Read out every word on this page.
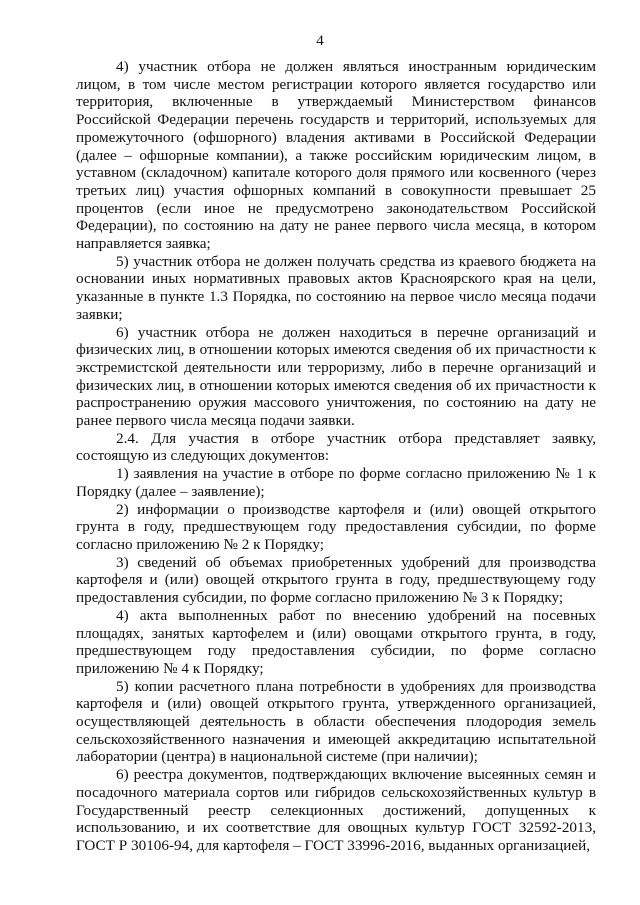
4

4) участник отбора не должен являться иностранным юридическим лицом, в том числе местом регистрации которого является государство или территория, включенные в утверждаемый Министерством финансов Российской Федерации перечень государств и территорий, используемых для промежуточного (офшорного) владения активами в Российской Федерации (далее – офшорные компании), а также российским юридическим лицом, в уставном (складочном) капитале которого доля прямого или косвенного (через третьих лиц) участия офшорных компаний в совокупности превышает 25 процентов (если иное не предусмотрено законодательством Российской Федерации), по состоянию на дату не ранее первого числа месяца, в котором направляется заявка;

5) участник отбора не должен получать средства из краевого бюджета на основании иных нормативных правовых актов Красноярского края на цели, указанные в пункте 1.3 Порядка, по состоянию на первое число месяца подачи заявки;

6) участник отбора не должен находиться в перечне организаций и физических лиц, в отношении которых имеются сведения об их причастности к экстремистской деятельности или терроризму, либо в перечне организаций и физических лиц, в отношении которых имеются сведения об их причастности к распространению оружия массового уничтожения, по состоянию на дату не ранее первого числа месяца подачи заявки.

2.4. Для участия в отборе участник отбора представляет заявку, состоящую из следующих документов:

1) заявления на участие в отборе по форме согласно приложению № 1 к Порядку (далее – заявление);

2) информации о производстве картофеля и (или) овощей открытого грунта в году, предшествующем году предоставления субсидии, по форме согласно приложению № 2 к Порядку;

3) сведений об объемах приобретенных удобрений для производства картофеля и (или) овощей открытого грунта в году, предшествующему году предоставления субсидии, по форме согласно приложению № 3 к Порядку;

4) акта выполненных работ по внесению удобрений на посевных площадях, занятых картофелем и (или) овощами открытого грунта, в году, предшествующем году предоставления субсидии, по форме согласно приложению № 4 к Порядку;

5) копии расчетного плана потребности в удобрениях для производства картофеля и (или) овощей открытого грунта, утвержденного организацией, осуществляющей деятельность в области обеспечения плодородия земель сельскохозяйственного назначения и имеющей аккредитацию испытательной лаборатории (центра) в национальной системе (при наличии);

6) реестра документов, подтверждающих включение высеянных семян и посадочного материала сортов или гибридов сельскохозяйственных культур в Государственный реестр селекционных достижений, допущенных к использованию, и их соответствие для овощных культур ГОСТ 32592-2013, ГОСТ Р 30106-94, для картофеля – ГОСТ 33996-2016, выданных организацией,
